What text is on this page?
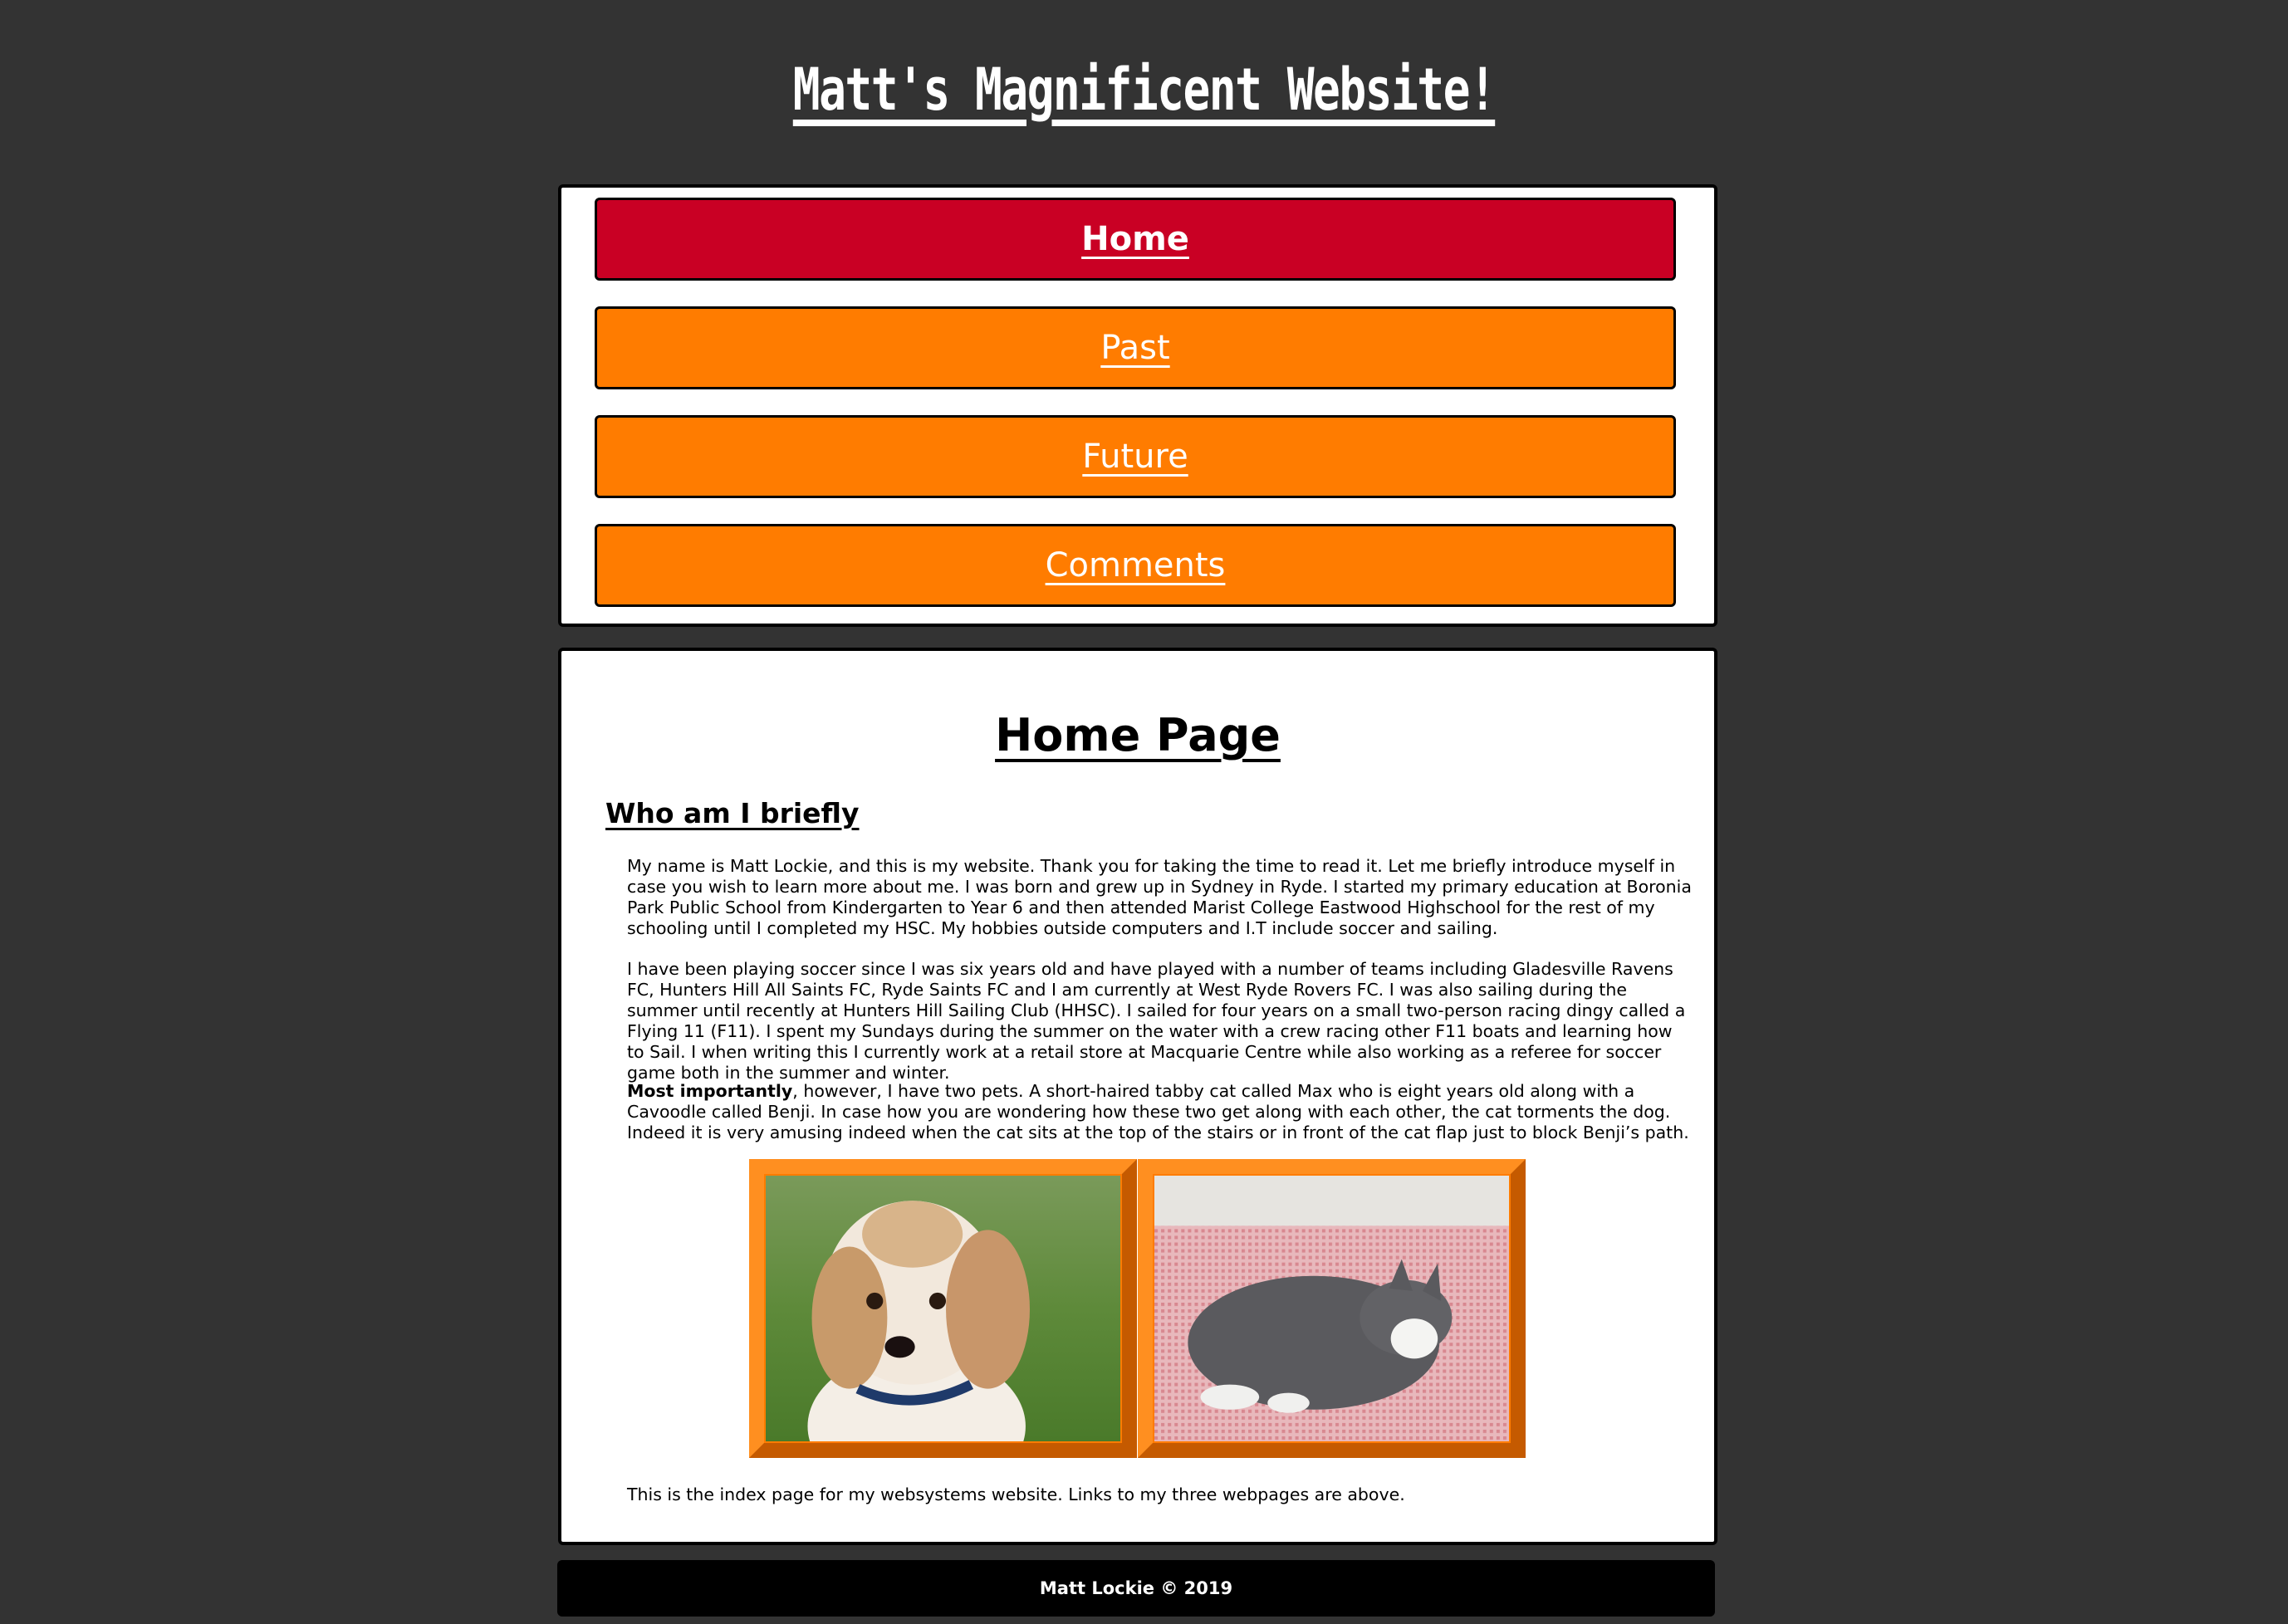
Matt's Magnificent Website!
Home
Past
Future
Comments
Home Page
Who am I briefly

My name is Matt Lockie, and this is my website. Thank you for taking the time to read it. Let me briefly introduce myself in case you wish to learn more about me. I was born and grew up in Sydney in Ryde. I started my primary education at Boronia Park Public School from Kindergarten to Year 6 and then attended Marist College Eastwood Highschool for the rest of my schooling until I completed my HSC. My hobbies outside computers and I.T include soccer and sailing.

I have been playing soccer since I was six years old and have played with a number of teams including Gladesville Ravens FC, Hunters Hill All Saints FC, Ryde Saints FC and I am currently at West Ryde Rovers FC. I was also sailing during the summer until recently at Hunters Hill Sailing Club (HHSC). I sailed for four years on a small two-person racing dingy called a Flying 11 (F11). I spent my Sundays during the summer on the water with a crew racing other F11 boats and learning how to Sail. I when writing this I currently work at a retail store at Macquarie Centre while also working as a referee for soccer game both in the summer and winter.

Most importantly, however, I have two pets. A short-haired tabby cat called Max who is eight years old along with a Cavoodle called Benji. In case how you are wondering how these two get along with each other, the cat torments the dog. Indeed it is very amusing indeed when the cat sits at the top of the stairs or in front of the cat flap just to block Benji’s path.

This is the index page for my websystems website. Links to my three webpages are above.

Matt Lockie © 2019
